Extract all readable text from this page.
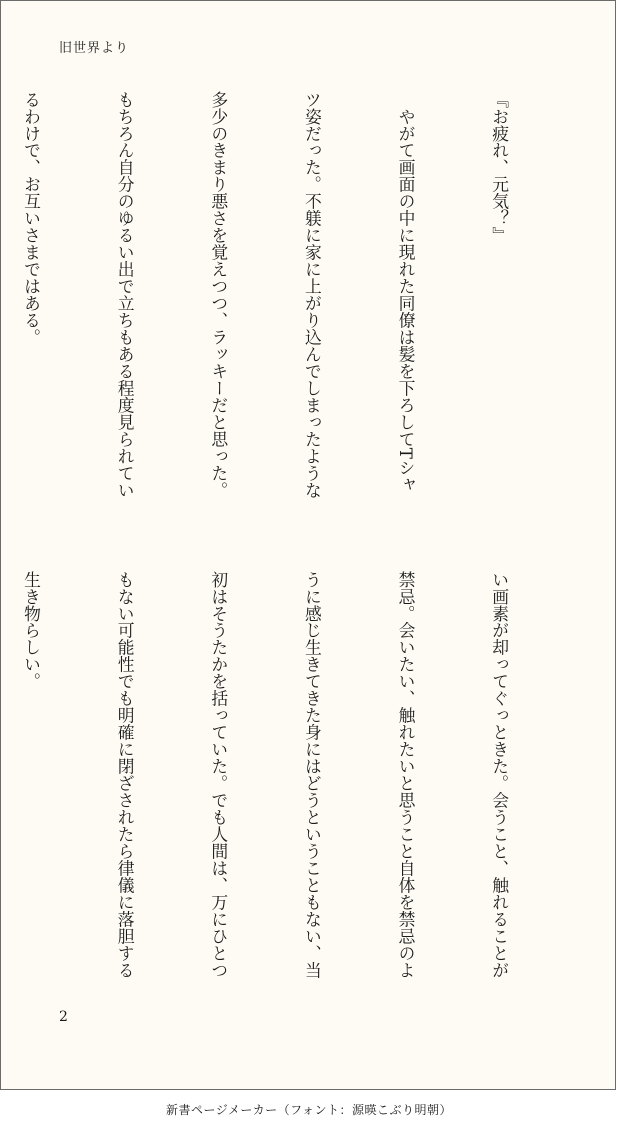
旧世界より

『お疲れ、元気？』

　やがて画面の中に現れた同僚は髪を下ろしてTシャ

ツ姿だった。不躾に家に上がり込んでしまったような

多少のきまり悪さを覚えつつ、ラッキーだと思った。

もちろん自分のゆるい出で立ちもある程度見られてい

るわけで、お互いさまではある。

い画素が却ってぐっときた。会うこと、触れることが

禁忌。会いたい、触れたいと思うこと自体を禁忌のよ

うに感じ生きてきた身にはどうということもない、当

初はそうたかを括っていた。でも人間は、万にひとつ

もない可能性でも明確に閉ざされたら律儀に落胆する

生き物らしい。

2
新書ページメーカー（フォント：源暎こぶり明朝）
